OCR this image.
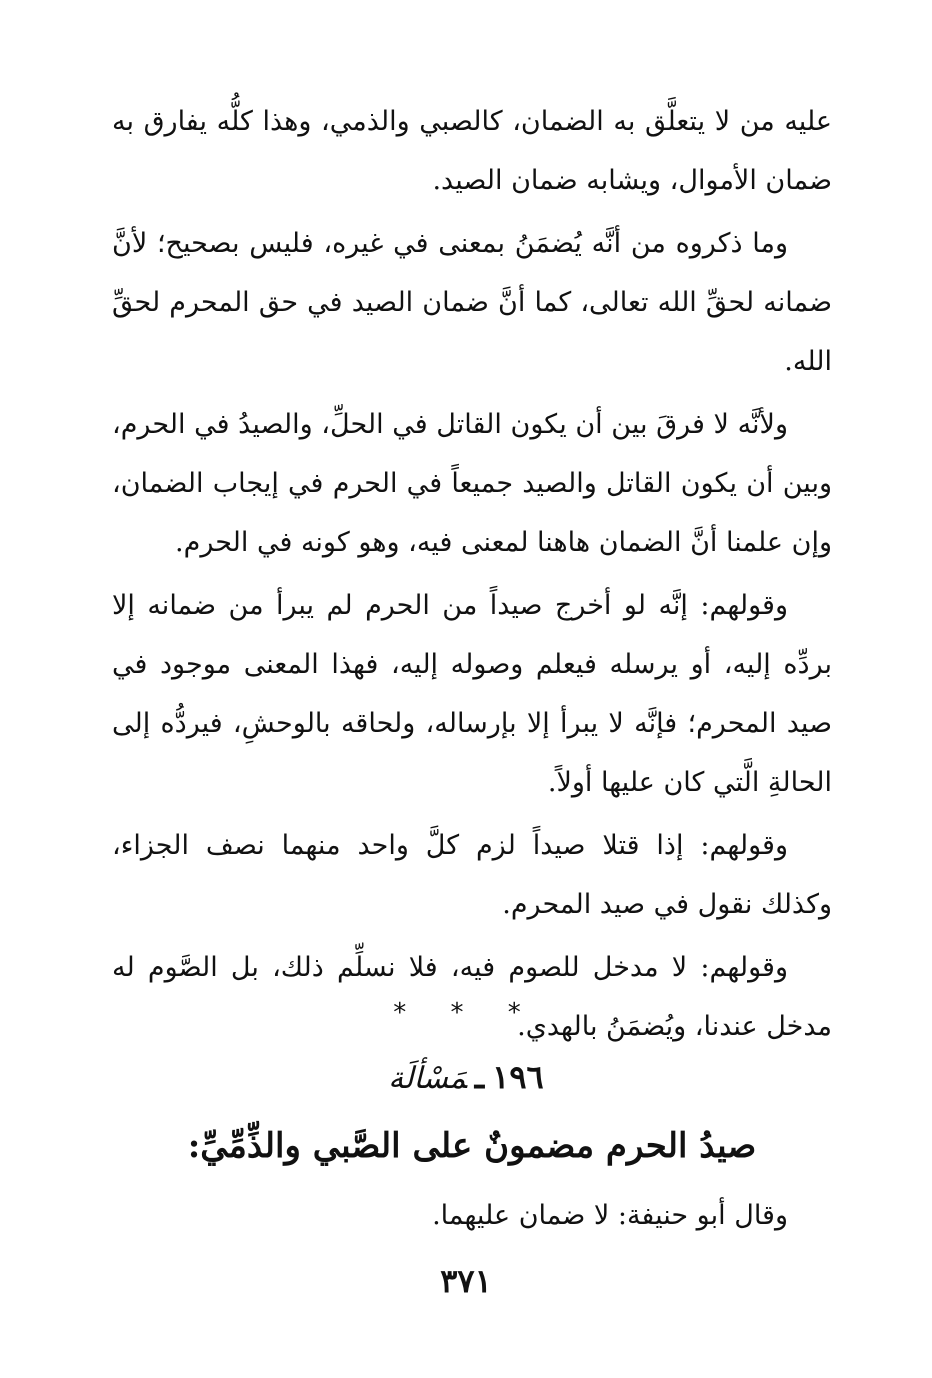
عليه من لا يتعلَّق به الضمان، كالصبي والذمي، وهذا كلُّه يفارق به ضمان الأموال، ويشابه ضمان الصيد.

وما ذكروه من أنَّه يُضمَنُ بمعنى في غيره، فليس بصحيح؛ لأنَّ ضمانه لحقِّ الله تعالى، كما أنَّ ضمان الصيد في حق المحرم لحقِّ الله.

ولأنَّه لا فرقَ بين أن يكون القاتل في الحلِّ، والصيدُ في الحرم، وبين أن يكون القاتل والصيد جميعاً في الحرم في إيجاب الضمان، وإن علمنا أنَّ الضمان هاهنا لمعنى فيه، وهو كونه في الحرم.

وقولهم: إنَّه لو أخرج صيداً من الحرم لم يبرأ من ضمانه إلا بردِّه إليه، أو يرسله فيعلم وصوله إليه، فهذا المعنى موجود في صيد المحرم؛ فإنَّه لا يبرأ إلا بإرساله، ولحاقه بالوحشِ، فيردُّه إلى الحالةِ الَّتي كان عليها أولاً.

وقولهم: إذا قتلا صيداً لزم كلَّ واحد منهما نصف الجزاء، وكذلك نقول في صيد المحرم.

وقولهم: لا مدخل للصوم فيه، فلا نسلِّم ذلك، بل الصَّوم له مدخل عندنا، ويُضمَنُ بالهدي.

* * *
١٩٦ـمَسْألَة
صيدُ الحرم مضمونٌ على الصَّبي والذِّمِّيِّ:

وقال أبو حنيفة: لا ضمان عليهما.

٣٧١
